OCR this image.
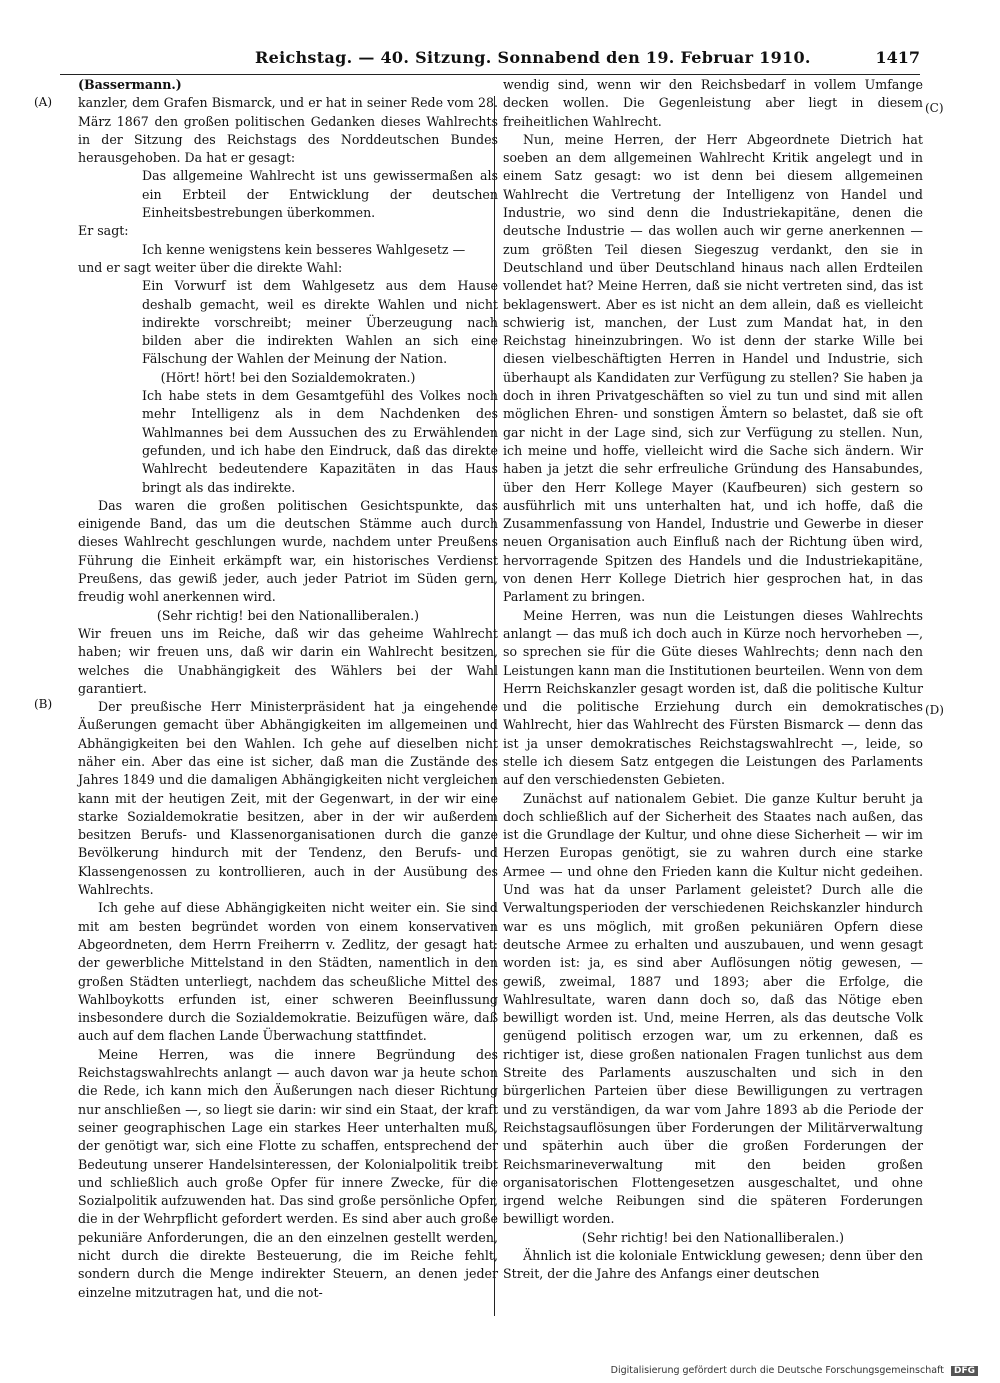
Reichstag. — 40. Sitzung. Sonnabend den 19. Februar 1910.	1417
(A)
(B)
(C)
(D)

(Bassermann.)

kanzler, dem Grafen Bismarck, und er hat in seiner Rede vom 28. März 1867 den großen politischen Gedanken dieses Wahlrechts in der Sitzung des Reichstags des Norddeutschen Bundes herausgehoben. Da hat er gesagt:

Das allgemeine Wahlrecht ist uns gewissermaßen als ein Erbteil der Entwicklung der deutschen Einheitsbestrebungen überkommen.

Er sagt:

Ich kenne wenigstens kein besseres Wahlgesetz —

und er sagt weiter über die direkte Wahl:

Ein Vorwurf ist dem Wahlgesetz aus dem Hause deshalb gemacht, weil es direkte Wahlen und nicht indirekte vorschreibt; meiner Überzeugung nach bilden aber die indirekten Wahlen an sich eine Fälschung der Wahlen der Meinung der Nation.

(Hört! hört! bei den Sozialdemokraten.)

Ich habe stets in dem Gesamtgefühl des Volkes noch mehr Intelligenz als in dem Nachdenken des Wahlmannes bei dem Aussuchen des zu Erwählenden gefunden, und ich habe den Eindruck, daß das direkte Wahlrecht bedeutendere Kapazitäten in das Haus bringt als das indirekte.

Das waren die großen politischen Gesichtspunkte, das einigende Band, das um die deutschen Stämme auch durch dieses Wahlrecht geschlungen wurde, nachdem unter Preußens Führung die Einheit erkämpft war, ein historisches Verdienst Preußens, das gewiß jeder, auch jeder Patriot im Süden gern, freudig wohl anerkennen wird.

(Sehr richtig! bei den Nationalliberalen.)

Wir freuen uns im Reiche, daß wir das geheime Wahlrecht haben; wir freuen uns, daß wir darin ein Wahlrecht besitzen, welches die Unabhängigkeit des Wählers bei der Wahl garantiert.

Der preußische Herr Ministerpräsident hat ja eingehende Äußerungen gemacht über Abhängigkeiten im allgemeinen und Abhängigkeiten bei den Wahlen. Ich gehe auf dieselben nicht näher ein. Aber das eine ist sicher, daß man die Zustände des Jahres 1849 und die damaligen Abhängigkeiten nicht vergleichen kann mit der heutigen Zeit, mit der Gegenwart, in der wir eine starke Sozialdemokratie besitzen, aber in der wir außerdem besitzen Berufs- und Klassenorganisationen durch die ganze Bevölkerung hindurch mit der Tendenz, den Berufs- und Klassengenossen zu kontrollieren, auch in der Ausübung des Wahlrechts.

Ich gehe auf diese Abhängigkeiten nicht weiter ein. Sie sind mit am besten begründet worden von einem konservativen Abgeordneten, dem Herrn Freiherrn v. Zedlitz, der gesagt hat: der gewerbliche Mittelstand in den Städten, namentlich in den großen Städten unterliegt, nachdem das scheußliche Mittel des Wahlboykotts erfunden ist, einer schweren Beeinflussung insbesondere durch die Sozialdemokratie. Beizufügen wäre, daß auch auf dem flachen Lande Überwachung stattfindet.

Meine Herren, was die innere Begründung des Reichstagswahlrechts anlangt — auch davon war ja heute schon die Rede, ich kann mich den Äußerungen nach dieser Richtung nur anschließen —, so liegt sie darin: wir sind ein Staat, der kraft seiner geographischen Lage ein starkes Heer unterhalten muß, der genötigt war, sich eine Flotte zu schaffen, entsprechend der Bedeutung unserer Handelsinteressen, der Kolonialpolitik treibt und schließlich auch große Opfer für innere Zwecke, für die Sozialpolitik aufzuwenden hat. Das sind große persönliche Opfer, die in der Wehrpflicht gefordert werden. Es sind aber auch große pekuniäre Anforderungen, die an den einzelnen gestellt werden, nicht durch die direkte Besteuerung, die im Reiche fehlt, sondern durch die Menge indirekter Steuern, an denen jeder einzelne mitzutragen hat, und die not-

wendig sind, wenn wir den Reichsbedarf in vollem Umfange decken wollen. Die Gegenleistung aber liegt in diesem freiheitlichen Wahlrecht.

Nun, meine Herren, der Herr Abgeordnete Dietrich hat soeben an dem allgemeinen Wahlrecht Kritik angelegt und in einem Satz gesagt: wo ist denn bei diesem allgemeinen Wahlrecht die Vertretung der Intelligenz von Handel und Industrie, wo sind denn die Industriekapitäne, denen die deutsche Industrie — das wollen auch wir gerne anerkennen — zum größten Teil diesen Siegeszug verdankt, den sie in Deutschland und über Deutschland hinaus nach allen Erdteilen vollendet hat? Meine Herren, daß sie nicht vertreten sind, das ist beklagenswert. Aber es ist nicht an dem allein, daß es vielleicht schwierig ist, manchen, der Lust zum Mandat hat, in den Reichstag hineinzubringen. Wo ist denn der starke Wille bei diesen vielbeschäftigten Herren in Handel und Industrie, sich überhaupt als Kandidaten zur Verfügung zu stellen? Sie haben ja doch in ihren Privatgeschäften so viel zu tun und sind mit allen möglichen Ehren- und sonstigen Ämtern so belastet, daß sie oft gar nicht in der Lage sind, sich zur Verfügung zu stellen. Nun, ich meine und hoffe, vielleicht wird die Sache sich ändern. Wir haben ja jetzt die sehr erfreuliche Gründung des Hansabundes, über den Herr Kollege Mayer (Kaufbeuren) sich gestern so ausführlich mit uns unterhalten hat, und ich hoffe, daß die Zusammenfassung von Handel, Industrie und Gewerbe in dieser neuen Organisation auch Einfluß nach der Richtung üben wird, hervorragende Spitzen des Handels und die Industriekapitäne, von denen Herr Kollege Dietrich hier gesprochen hat, in das Parlament zu bringen.

Meine Herren, was nun die Leistungen dieses Wahlrechts anlangt — das muß ich doch auch in Kürze noch hervorheben —, so sprechen sie für die Güte dieses Wahlrechts; denn nach den Leistungen kann man die Institutionen beurteilen. Wenn von dem Herrn Reichskanzler gesagt worden ist, daß die politische Kultur und die politische Erziehung durch ein demokratisches Wahlrecht, hier das Wahlrecht des Fürsten Bismarck — denn das ist ja unser demokratisches Reichstagswahlrecht —, leide, so stelle ich diesem Satz entgegen die Leistungen des Parlaments auf den verschiedensten Gebieten.

Zunächst auf nationalem Gebiet. Die ganze Kultur beruht ja doch schließlich auf der Sicherheit des Staates nach außen, das ist die Grundlage der Kultur, und ohne diese Sicherheit — wir im Herzen Europas genötigt, sie zu wahren durch eine starke Armee — und ohne den Frieden kann die Kultur nicht gedeihen. Und was hat da unser Parlament geleistet? Durch alle die Verwaltungsperioden der verschiedenen Reichskanzler hindurch war es uns möglich, mit großen pekuniären Opfern diese deutsche Armee zu erhalten und auszubauen, und wenn gesagt worden ist: ja, es sind aber Auflösungen nötig gewesen, — gewiß, zweimal, 1887 und 1893; aber die Erfolge, die Wahlresultate, waren dann doch so, daß das Nötige eben bewilligt worden ist. Und, meine Herren, als das deutsche Volk genügend politisch erzogen war, um zu erkennen, daß es richtiger ist, diese großen nationalen Fragen tunlichst aus dem Streite des Parlaments auszuschalten und sich in den bürgerlichen Parteien über diese Bewilligungen zu vertragen und zu verständigen, da war vom Jahre 1893 ab die Periode der Reichstagsauflösungen über Forderungen der Militärverwaltung und späterhin auch über die großen Forderungen der Reichsmarineverwaltung mit den beiden großen organisatorischen Flottengesetzen ausgeschaltet, und ohne irgend welche Reibungen sind die späteren Forderungen bewilligt worden.

(Sehr richtig! bei den Nationalliberalen.)

Ähnlich ist die koloniale Entwicklung gewesen; denn über den Streit, der die Jahre des Anfangs einer deutschen

Digitalisierung gefördert durch die Deutsche Forschungsgemeinschaft DFG
